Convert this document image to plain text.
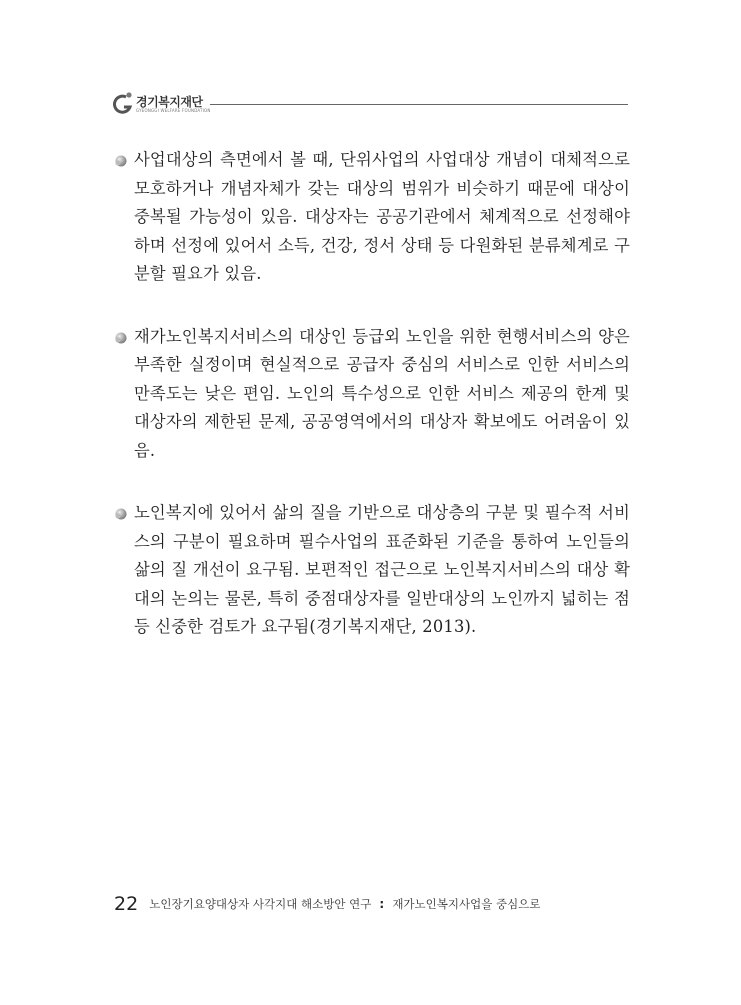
경기복지재단
GYEONGGI WELFARE FOUNDATION
사업대상의 측면에서 볼 때, 단위사업의 사업대상 개념이 대체적으로 모호하거나 개념자체가 갖는 대상의 범위가 비슷하기 때문에 대상이 중복될 가능성이 있음. 대상자는 공공기관에서 체계적으로 선정해야 하며 선정에 있어서 소득, 건강, 정서 상태 등 다원화된 분류체계로 구분할 필요가 있음.
재가노인복지서비스의 대상인 등급외 노인을 위한 현행서비스의 양은 부족한 실정이며 현실적으로 공급자 중심의 서비스로 인한 서비스의 만족도는 낮은 편임. 노인의 특수성으로 인한 서비스 제공의 한계 및 대상자의 제한된 문제, 공공영역에서의 대상자 확보에도 어려움이 있음.
노인복지에 있어서 삶의 질을 기반으로 대상층의 구분 및 필수적 서비스의 구분이 필요하며 필수사업의 표준화된 기준을 통하여 노인들의 삶의 질 개선이 요구됨. 보편적인 접근으로 노인복지서비스의 대상 확대의 논의는 물론, 특히 중점대상자를 일반대상의 노인까지 넓히는 점 등 신중한 검토가 요구됨(경기복지재단, 2013).
22 노인장기요양대상자 사각지대 해소방안 연구 : 재가노인복지사업을 중심으로
